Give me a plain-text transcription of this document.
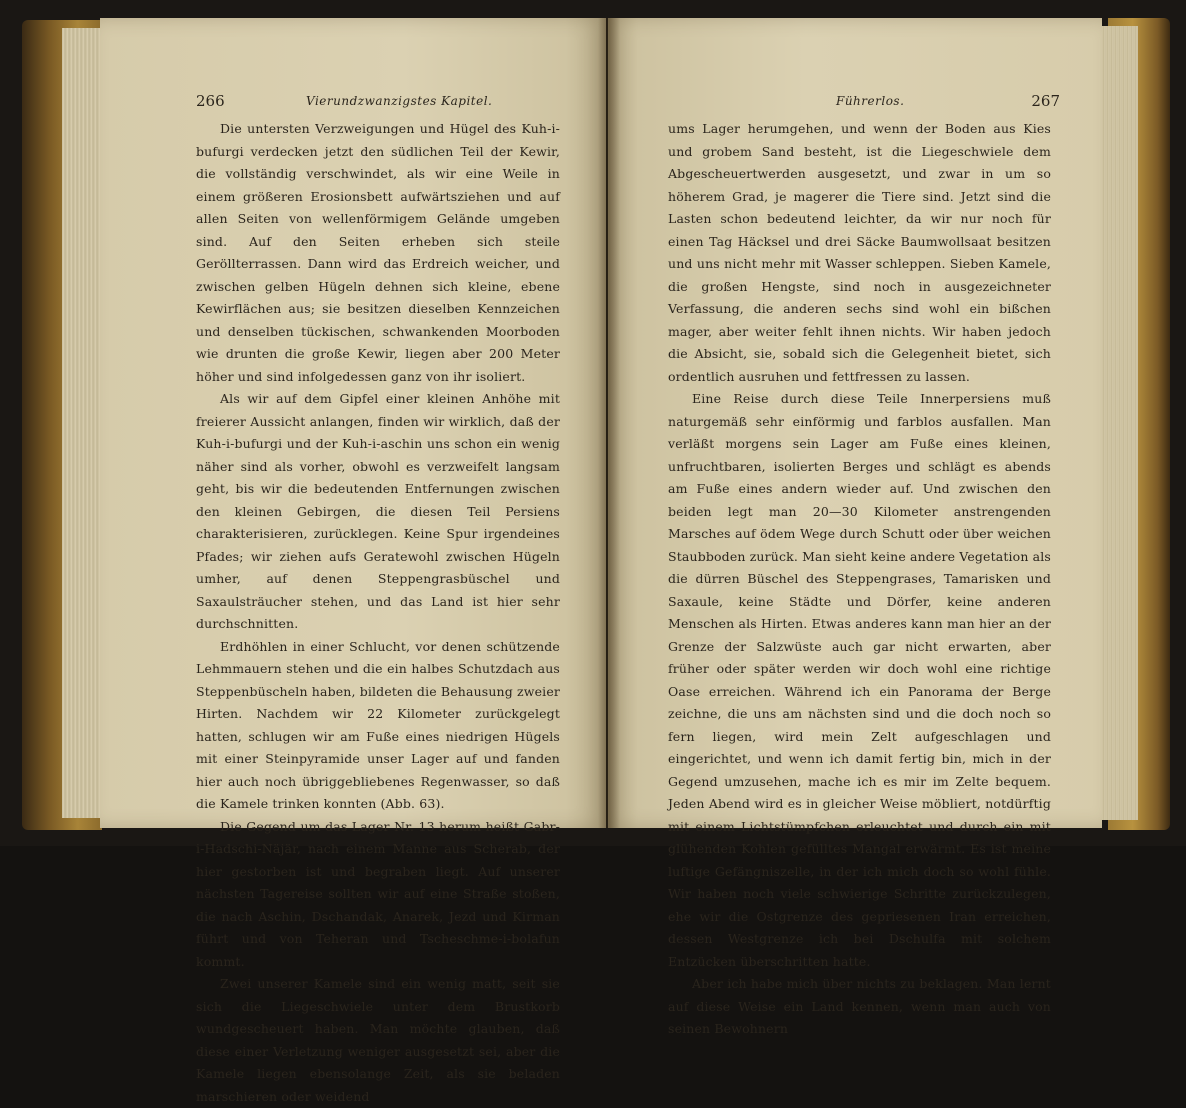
266	Vierundzwanzigstes Kapitel.

Die untersten Verzweigungen und Hügel des Kuh-i-bufurgi verdecken jetzt den südlichen Teil der Kewir, die vollständig verschwindet, als wir eine Weile in einem größeren Erosionsbett aufwärtsziehen und auf allen Seiten von wellenförmigem Gelände umgeben sind. Auf den Seiten erheben sich steile Geröllterrassen. Dann wird das Erdreich weicher, und zwischen gelben Hügeln dehnen sich kleine, ebene Kewirflächen aus; sie besitzen dieselben Kennzeichen und denselben tückischen, schwankenden Moorboden wie drunten die große Kewir, liegen aber 200 Meter höher und sind infolgedessen ganz von ihr isoliert.

Als wir auf dem Gipfel einer kleinen Anhöhe mit freierer Aussicht anlangen, finden wir wirklich, daß der Kuh-i-bufurgi und der Kuh-i-aschin uns schon ein wenig näher sind als vorher, obwohl es verzweifelt langsam geht, bis wir die bedeutenden Entfernungen zwischen den kleinen Gebirgen, die diesen Teil Persiens charakterisieren, zurücklegen. Keine Spur irgendeines Pfades; wir ziehen aufs Geratewohl zwischen Hügeln umher, auf denen Steppengrasbüschel und Saxaulsträucher stehen, und das Land ist hier sehr durchschnitten.

Erdhöhlen in einer Schlucht, vor denen schützende Lehmmauern stehen und die ein halbes Schutzdach aus Steppenbüscheln haben, bildeten die Behausung zweier Hirten. Nachdem wir 22 Kilometer zurückgelegt hatten, schlugen wir am Fuße eines niedrigen Hügels mit einer Steinpyramide unser Lager auf und fanden hier auch noch übriggebliebenes Regenwasser, so daß die Kamele trinken konnten (Abb. 63).

Die Gegend um das Lager Nr. 13 herum heißt Gabr-i-Hadschi-Näjär, nach einem Manne aus Scherab, der hier gestorben ist und begraben liegt. Auf unserer nächsten Tagereise sollten wir auf eine Straße stoßen, die nach Aschin, Dschandak, Anarek, Jezd und Kirman führt und von Teheran und Tscheschme-i-bolafun kommt.

Zwei unserer Kamele sind ein wenig matt, seit sie sich die Liegeschwiele unter dem Brustkorb wundgescheuert haben. Man möchte glauben, daß diese einer Verletzung weniger ausgesetzt sei, aber die Kamele liegen ebensolange Zeit, als sie beladen marschieren oder weidend

Führerlos.	267

ums Lager herumgehen, und wenn der Boden aus Kies und grobem Sand besteht, ist die Liegeschwiele dem Abgescheuertwerden ausgesetzt, und zwar in um so höherem Grad, je magerer die Tiere sind. Jetzt sind die Lasten schon bedeutend leichter, da wir nur noch für einen Tag Häcksel und drei Säcke Baumwollsaat besitzen und uns nicht mehr mit Wasser schleppen. Sieben Kamele, die großen Hengste, sind noch in ausgezeichneter Verfassung, die anderen sechs sind wohl ein bißchen mager, aber weiter fehlt ihnen nichts. Wir haben jedoch die Absicht, sie, sobald sich die Gelegenheit bietet, sich ordentlich ausruhen und fettfressen zu lassen.

Eine Reise durch diese Teile Innerpersiens muß naturgemäß sehr einförmig und farblos ausfallen. Man verläßt morgens sein Lager am Fuße eines kleinen, unfruchtbaren, isolierten Berges und schlägt es abends am Fuße eines andern wieder auf. Und zwischen den beiden legt man 20—30 Kilometer anstrengenden Marsches auf ödem Wege durch Schutt oder über weichen Staubboden zurück. Man sieht keine andere Vegetation als die dürren Büschel des Steppengrases, Tamarisken und Saxaule, keine Städte und Dörfer, keine anderen Menschen als Hirten. Etwas anderes kann man hier an der Grenze der Salzwüste auch gar nicht erwarten, aber früher oder später werden wir doch wohl eine richtige Oase erreichen. Während ich ein Panorama der Berge zeichne, die uns am nächsten sind und die doch noch so fern liegen, wird mein Zelt aufgeschlagen und eingerichtet, und wenn ich damit fertig bin, mich in der Gegend umzusehen, mache ich es mir im Zelte bequem. Jeden Abend wird es in gleicher Weise möbliert, notdürftig mit einem Lichtstümpfchen erleuchtet und durch ein mit glühenden Kohlen gefülltes Mangal erwärmt. Es ist meine luftige Gefängniszelle, in der ich mich doch so wohl fühle. Wir haben noch viele schwierige Schritte zurückzulegen, ehe wir die Ostgrenze des gepriesenen Iran erreichen, dessen Westgrenze ich bei Dschulfa mit solchem Entzücken überschritten hatte.

Aber ich habe mich über nichts zu beklagen. Man lernt auf diese Weise ein Land kennen, wenn man auch von seinen Bewohnern
